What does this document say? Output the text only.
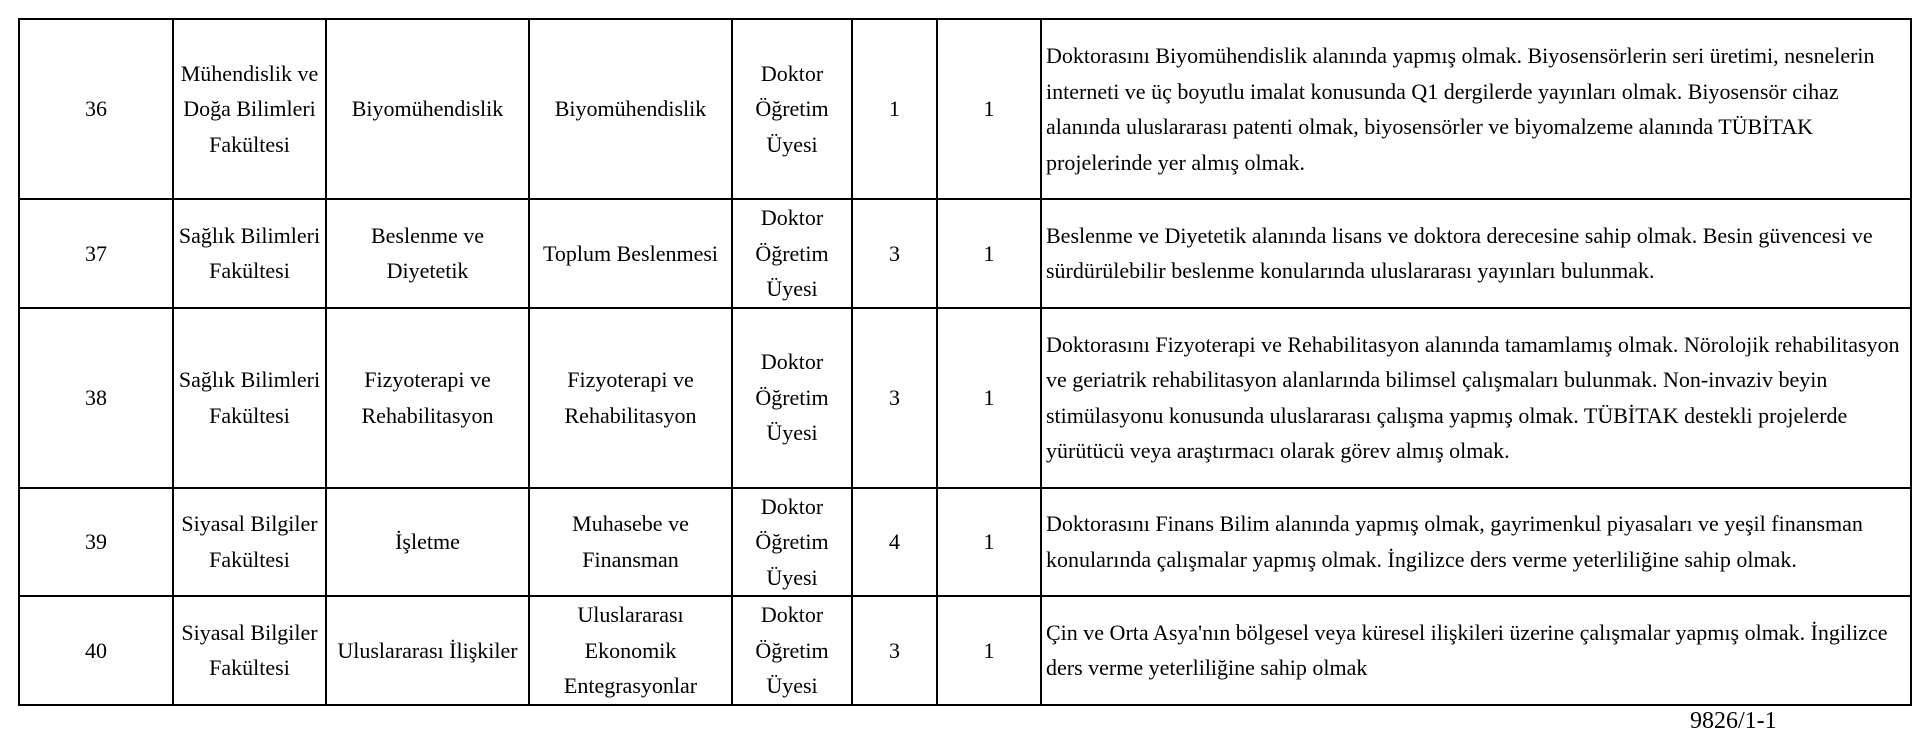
36	Mühendislik ve Doğa Bilimleri Fakültesi	Biyomühendislik	Biyomühendislik	Doktor Öğretim Üyesi	1	1	Doktorasını Biyomühendislik alanında yapmış olmak. Biyosensörlerin seri üretimi, nesnelerin interneti ve üç boyutlu imalat konusunda Q1 dergilerde yayınları olmak. Biyosensör cihaz alanında uluslararası patenti olmak, biyosensörler ve biyomalzeme alanında TÜBİTAK projelerinde yer almış olmak.
37	Sağlık Bilimleri Fakültesi	Beslenme ve Diyetetik	Toplum Beslenmesi	Doktor Öğretim Üyesi	3	1	Beslenme ve Diyetetik alanında lisans ve doktora derecesine sahip olmak. Besin güvencesi ve sürdürülebilir beslenme konularında uluslararası yayınları bulunmak.
38	Sağlık Bilimleri Fakültesi	Fizyoterapi ve Rehabilitasyon	Fizyoterapi ve Rehabilitasyon	Doktor Öğretim Üyesi	3	1	Doktorasını Fizyoterapi ve Rehabilitasyon alanında tamamlamış olmak. Nörolojik rehabilitasyon ve geriatrik rehabilitasyon alanlarında bilimsel çalışmaları bulunmak. Non-invaziv beyin stimülasyonu konusunda uluslararası çalışma yapmış olmak. TÜBİTAK destekli projelerde yürütücü veya araştırmacı olarak görev almış olmak.
39	Siyasal Bilgiler Fakültesi	İşletme	Muhasebe ve Finansman	Doktor Öğretim Üyesi	4	1	Doktorasını Finans Bilim alanında yapmış olmak, gayrimenkul piyasaları ve yeşil finansman konularında çalışmalar yapmış olmak. İngilizce ders verme yeterliliğine sahip olmak.
40	Siyasal Bilgiler Fakültesi	Uluslararası İlişkiler	Uluslararası Ekonomik Entegrasyonlar	Doktor Öğretim Üyesi	3	1	Çin ve Orta Asya'nın bölgesel veya küresel ilişkileri üzerine çalışmalar yapmış olmak. İngilizce ders verme yeterliliğine sahip olmak
9826/1-1
